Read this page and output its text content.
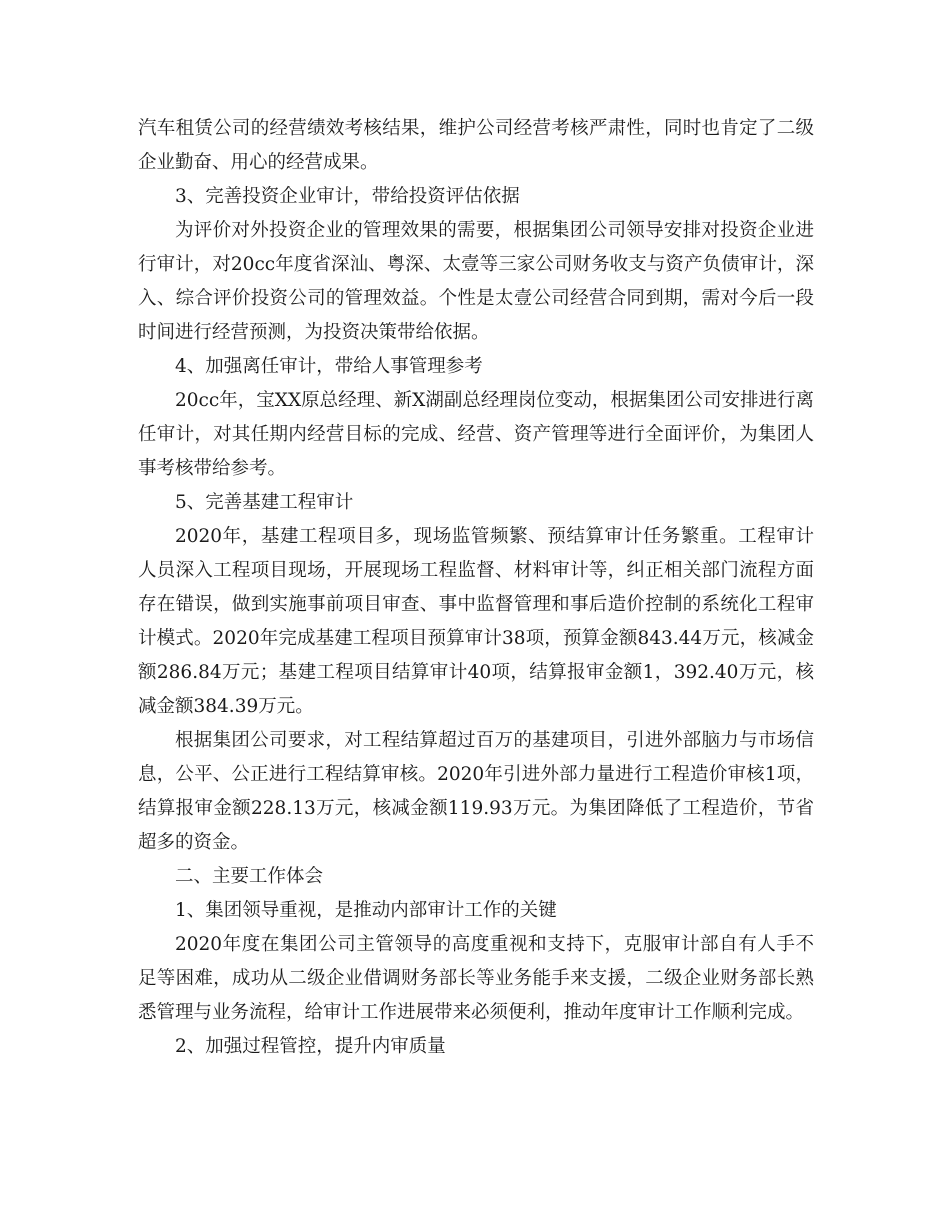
汽车租赁公司的经营绩效考核结果，维护公司经营考核严肃性，同时也肯定了二级企业勤奋、用心的经营成果。

3、完善投资企业审计，带给投资评估依据

为评价对外投资企业的管理效果的需要，根据集团公司领导安排对投资企业进行审计，对20cc年度省深汕、粤深、太壹等三家公司财务收支与资产负债审计，深入、综合评价投资公司的管理效益。个性是太壹公司经营合同到期，需对今后一段时间进行经营预测，为投资决策带给依据。

4、加强离任审计，带给人事管理参考

20cc年，宝XX原总经理、新X湖副总经理岗位变动，根据集团公司安排进行离任审计，对其任期内经营目标的完成、经营、资产管理等进行全面评价，为集团人事考核带给参考。

5、完善基建工程审计

2020年，基建工程项目多，现场监管频繁、预结算审计任务繁重。工程审计人员深入工程项目现场，开展现场工程监督、材料审计等，纠正相关部门流程方面存在错误，做到实施事前项目审查、事中监督管理和事后造价控制的系统化工程审计模式。2020年完成基建工程项目预算审计38项，预算金额843.44万元，核减金额286.84万元；基建工程项目结算审计40项，结算报审金额1，392.40万元，核减金额384.39万元。

根据集团公司要求，对工程结算超过百万的基建项目，引进外部脑力与市场信息，公平、公正进行工程结算审核。2020年引进外部力量进行工程造价审核1项，结算报审金额228.13万元，核减金额119.93万元。为集团降低了工程造价，节省超多的资金。

二、主要工作体会

1、集团领导重视，是推动内部审计工作的关键

2020年度在集团公司主管领导的高度重视和支持下，克服审计部自有人手不足等困难，成功从二级企业借调财务部长等业务能手来支援，二级企业财务部长熟悉管理与业务流程，给审计工作进展带来必须便利，推动年度审计工作顺利完成。

2、加强过程管控，提升内审质量
